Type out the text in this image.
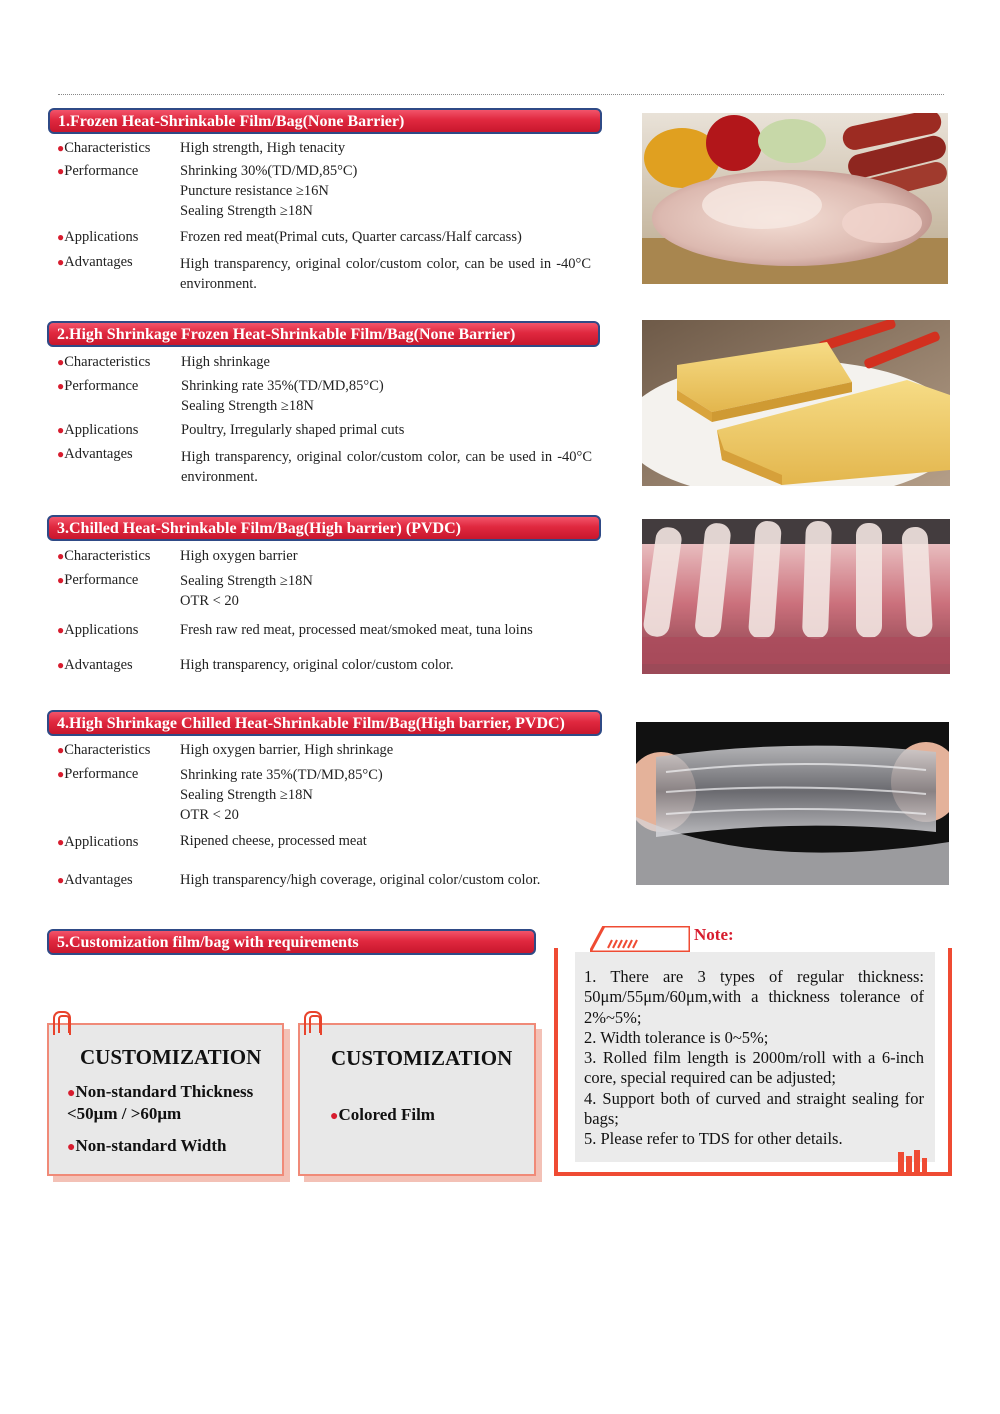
1.Frozen Heat-Shrinkable Film/Bag(None Barrier)
●Characteristics High strength, High tenacity
●Performance	Shrinking 30%(TD/MD,85°C)
Puncture resistance ≥16N
Sealing Strength ≥18N
●Applications	Frozen red meat(Primal cuts, Quarter carcass/Half carcass)
●Advantages	High transparency, original color/custom color, can be used in -40°C environment.
2.High Shrinkage Frozen Heat-Shrinkable Film/Bag(None Barrier)
●Characteristics High shrinkage
●Performance	Shrinking rate 35%(TD/MD,85°C)
Sealing Strength ≥18N
●Applications	Poultry, Irregularly shaped primal cuts
●Advantages	High transparency, original color/custom color, can be used in -40°C environment.
3.Chilled Heat-Shrinkable Film/Bag(High barrier) (PVDC)
●Characteristics High oxygen barrier
●Performance	Sealing Strength ≥18N
OTR < 20
●Applications	Fresh raw red meat, processed meat/smoked meat, tuna loins
●Advantages	High transparency, original color/custom color.
4.High Shrinkage Chilled Heat-Shrinkable Film/Bag(High barrier, PVDC)
●Characteristics High oxygen barrier, High shrinkage
●Performance	Shrinking rate 35%(TD/MD,85°C)
Sealing Strength ≥18N
OTR < 20
●Applications	Ripened cheese, processed meat
●Advantages	High transparency/high coverage, original color/custom color.
5.Customization film/bag with requirements
CUSTOMIZATION
●Non-standard Thickness <50μm / >60μm
●Non-standard Width
CUSTOMIZATION
●Colored Film
Note:

1. There are 3 types of regular thickness: 50μm/55μm/60μm,with a thickness tolerance of 2%~5%;

2. Width tolerance is 0~5%;

3. Rolled film length is 2000m/roll with a 6-inch core, special required can be adjusted;

4. Support both of curved and straight sealing for bags;

5. Please refer to TDS for other details.
